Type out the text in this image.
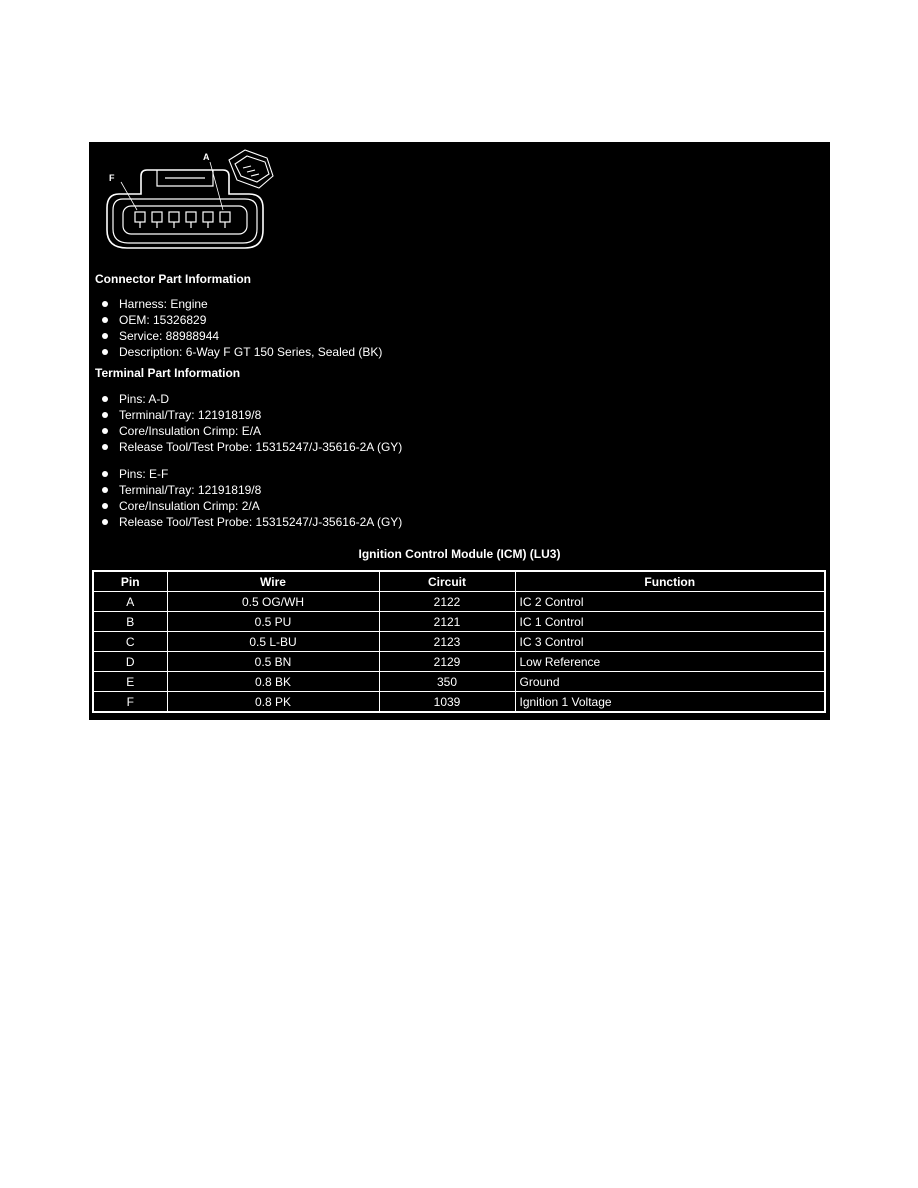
A
F
Connector Part Information
Harness: Engine
OEM: 15326829
Service: 88988944
Description: 6-Way F GT 150 Series, Sealed (BK)
Terminal Part Information
Pins: A-D
Terminal/Tray: 12191819/8
Core/Insulation Crimp: E/A
Release Tool/Test Probe: 15315247/J-35616-2A (GY)
Pins: E-F
Terminal/Tray: 12191819/8
Core/Insulation Crimp: 2/A
Release Tool/Test Probe: 15315247/J-35616-2A (GY)
Ignition Control Module (ICM) (LU3)
Pin	Wire	Circuit	Function
A	0.5 OG/WH	2122	IC 2 Control
B	0.5 PU	2121	IC 1 Control
C	0.5 L-BU	2123	IC 3 Control
D	0.5 BN	2129	Low Reference
E	0.8 BK	350	Ground
F	0.8 PK	1039	Ignition 1 Voltage
